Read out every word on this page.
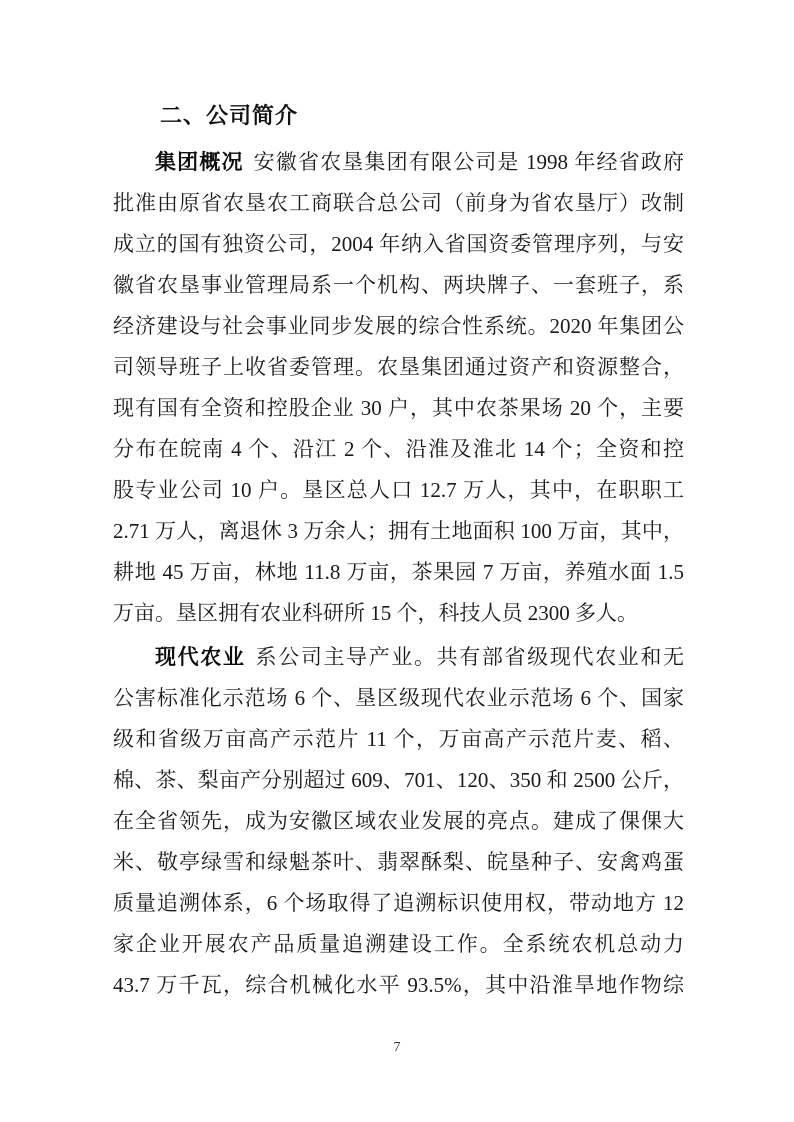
二、公司简介
集团概况 安徽省农垦集团有限公司是 1998 年经省政府
批准由原省农垦农工商联合总公司（前身为省农垦厅）改制
成立的国有独资公司，2004 年纳入省国资委管理序列，与安
徽省农垦事业管理局系一个机构、两块牌子、一套班子，系
经济建设与社会事业同步发展的综合性系统。2020 年集团公
司领导班子上收省委管理。农垦集团通过资产和资源整合，
现有国有全资和控股企业 30 户，其中农茶果场 20 个，主要
分布在皖南 4 个、沿江 2 个、沿淮及淮北 14 个；全资和控
股专业公司 10 户。垦区总人口 12.7 万人，其中，在职职工
2.71 万人，离退休 3 万余人；拥有土地面积 100 万亩，其中，
耕地 45 万亩，林地 11.8 万亩，茶果园 7 万亩，养殖水面 1.5
万亩。垦区拥有农业科研所 15 个，科技人员 2300 多人。
现代农业 系公司主导产业。共有部省级现代农业和无
公害标准化示范场 6 个、垦区级现代农业示范场 6 个、国家
级和省级万亩高产示范片 11 个，万亩高产示范片麦、稻、
棉、茶、梨亩产分别超过 609、701、120、350 和 2500 公斤，
在全省领先，成为安徽区域农业发展的亮点。建成了倮倮大
米、敬亭绿雪和绿魁茶叶、翡翠酥梨、皖垦种子、安禽鸡蛋
质量追溯体系，6 个场取得了追溯标识使用权，带动地方 12
家企业开展农产品质量追溯建设工作。全系统农机总动力
43.7 万千瓦，综合机械化水平 93.5%，其中沿淮旱地作物综
7
